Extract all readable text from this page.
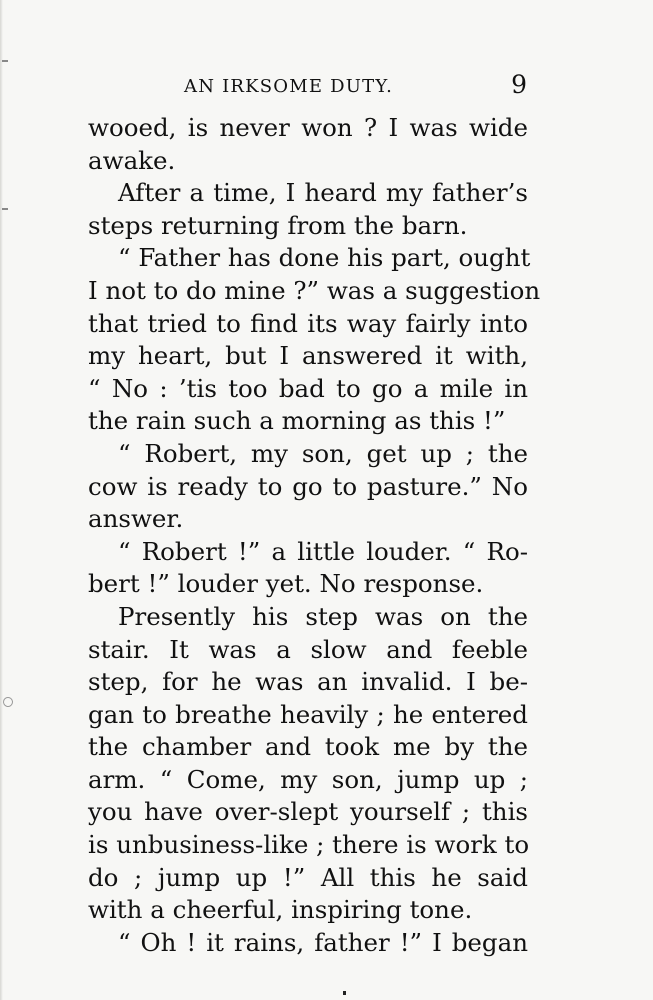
AN IRKSOME DUTY.	9
wooed, is never won ? I was wide
awake.
After a time, I heard my father’s
steps returning from the barn.
“ Father has done his part, ought
I not to do mine ?” was a suggestion
that tried to find its way fairly into
my heart, but I answered it with,
“ No : ’tis too bad to go a mile in
the rain such a morning as this !”
“ Robert, my son, get up ; the
cow is ready to go to pasture.” No
answer.
“ Robert !” a little louder. “ Ro-
bert !” louder yet. No response.
Presently his step was on the
stair. It was a slow and feeble
step, for he was an invalid. I be-
gan to breathe heavily ; he entered
the chamber and took me by the
arm. “ Come, my son, jump up ;
you have over-slept yourself ; this
is unbusiness-like ; there is work to
do ; jump up !” All this he said
with a cheerful, inspiring tone.
“ Oh ! it rains, father !” I began
